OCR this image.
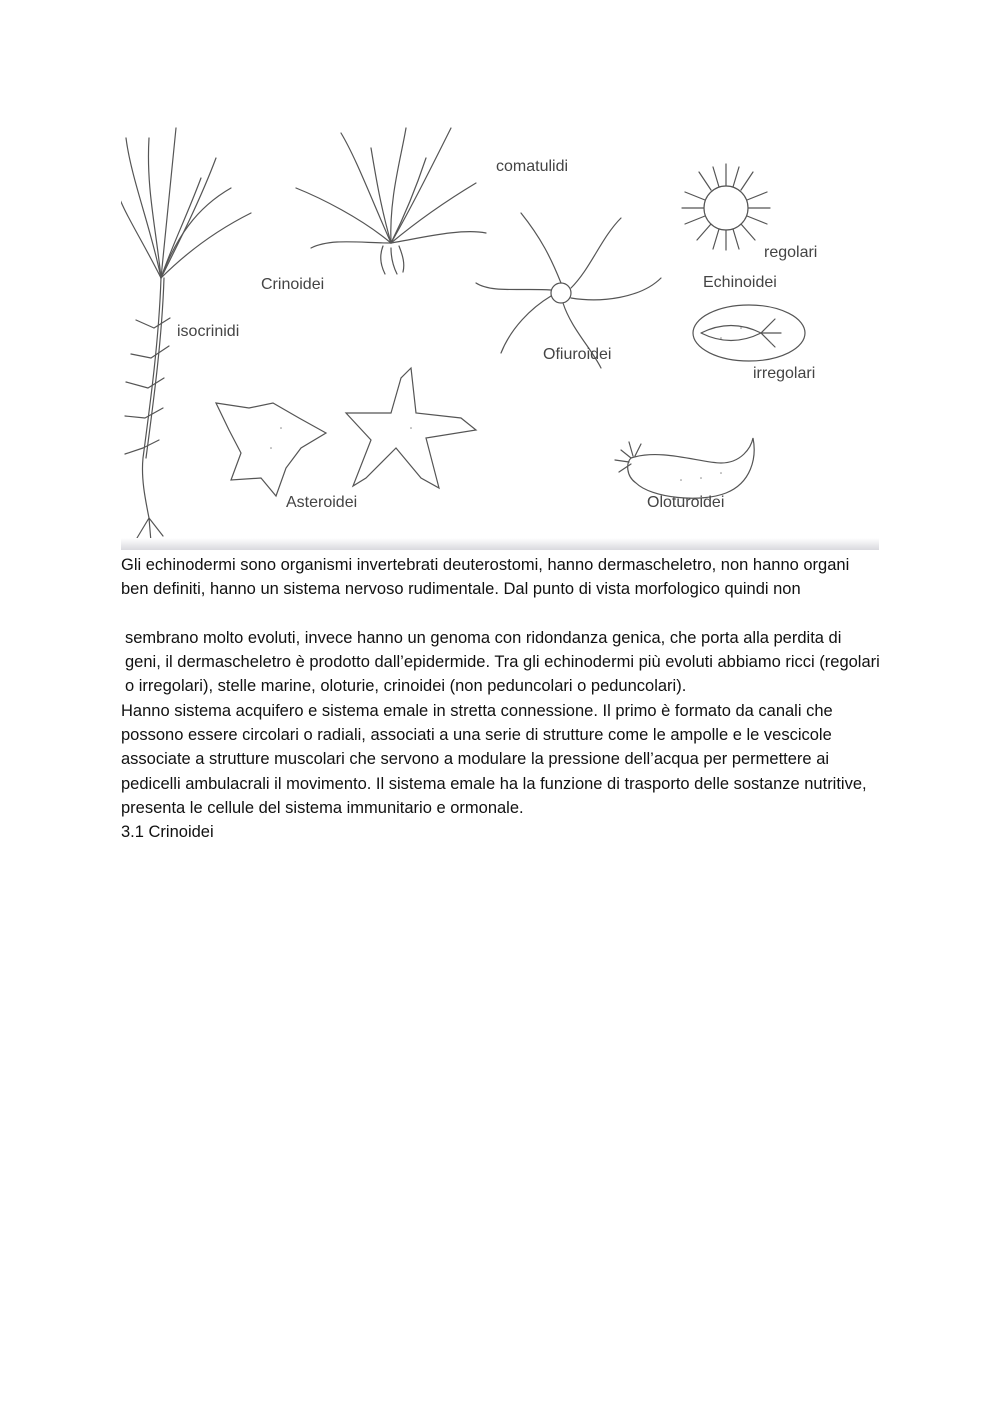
comatulidi
Crinoidei
isocrinidi
regolari
Echinoidei
Ofiuroidei
irregolari
Asteroidei	Oloturoidei

Gli echinodermi sono organismi invertebrati deuterostomi, hanno dermascheletro, non hanno organi ben definiti, hanno un sistema nervoso rudimentale. Dal punto di vista morfologico quindi non

sembrano molto evoluti, invece hanno un genoma con ridondanza genica, che porta alla perdita di geni, il dermascheletro è prodotto dall’epidermide. Tra gli echinodermi più evoluti abbiamo ricci (regolari o irregolari), stelle marine, oloturie, crinoidei (non peduncolari o peduncolari).

Hanno sistema acquifero e sistema emale in stretta connessione. Il primo è formato da canali che possono essere circolari o radiali, associati a una serie di strutture come le ampolle e le vescicole associate a strutture muscolari che servono a modulare la pressione dell’acqua per permettere ai pedicelli ambulacrali il movimento. Il sistema emale ha la funzione di trasporto delle sostanze nutritive, presenta le cellule del sistema immunitario e ormonale.

3.1 Crinoidei
